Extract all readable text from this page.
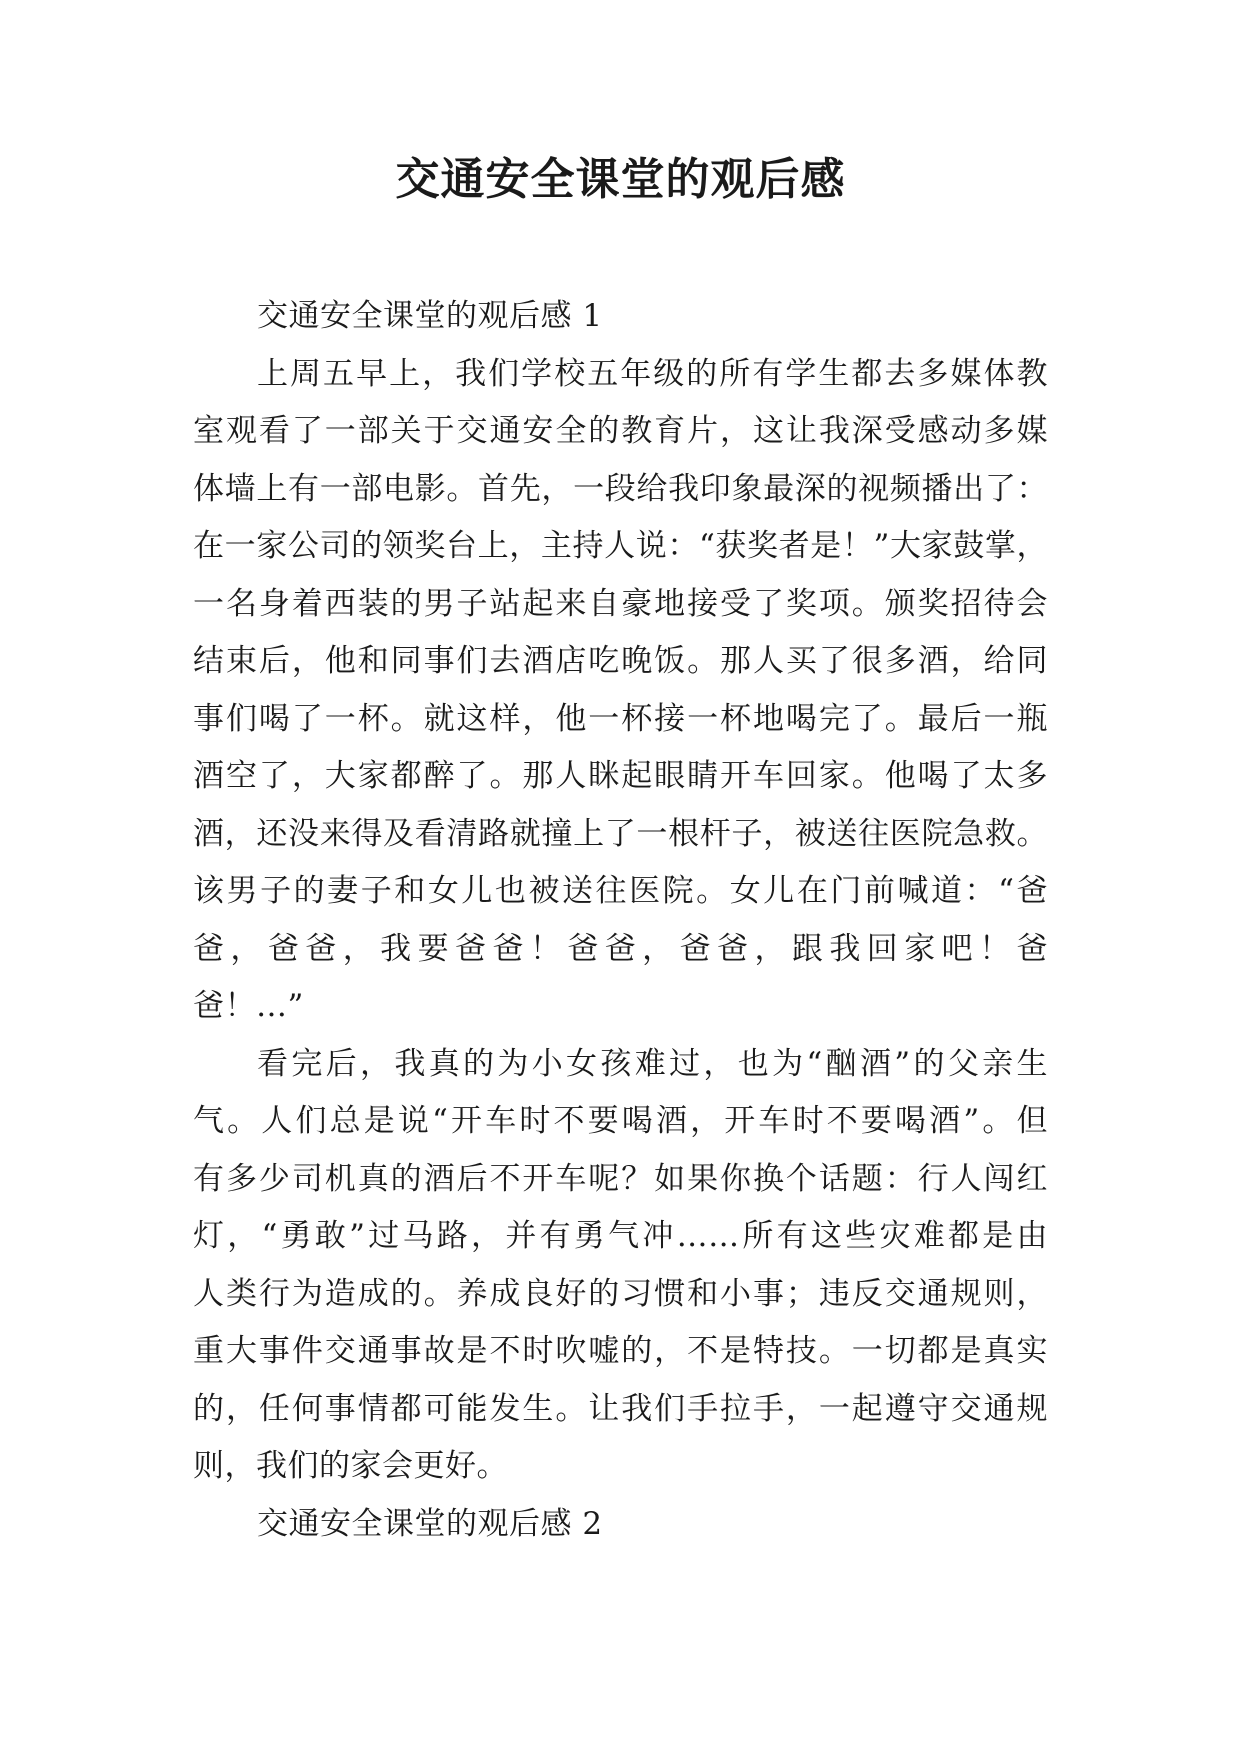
交通安全课堂的观后感
交通安全课堂的观后感 1
上周五早上，我们学校五年级的所有学生都去多媒体教
室观看了一部关于交通安全的教育片，这让我深受感动多媒
体墙上有一部电影。首先，一段给我印象最深的视频播出了：
在一家公司的领奖台上，主持人说：“获奖者是！”大家鼓掌，
一名身着西装的男子站起来自豪地接受了奖项。颁奖招待会
结束后，他和同事们去酒店吃晚饭。那人买了很多酒，给同
事们喝了一杯。就这样，他一杯接一杯地喝完了。最后一瓶
酒空了，大家都醉了。那人眯起眼睛开车回家。他喝了太多
酒，还没来得及看清路就撞上了一根杆子，被送往医院急救。
该男子的妻子和女儿也被送往医院。女儿在门前喊道：“爸
爸，爸爸，我要爸爸！爸爸，爸爸，跟我回家吧！爸
爸！…”
看完后，我真的为小女孩难过，也为“酗酒”的父亲生
气。人们总是说“开车时不要喝酒，开车时不要喝酒”。但
有多少司机真的酒后不开车呢？如果你换个话题：行人闯红
灯，“勇敢”过马路，并有勇气冲……所有这些灾难都是由
人类行为造成的。养成良好的习惯和小事；违反交通规则，
重大事件交通事故是不时吹嘘的，不是特技。一切都是真实
的，任何事情都可能发生。让我们手拉手，一起遵守交通规
则，我们的家会更好。
交通安全课堂的观后感 2
